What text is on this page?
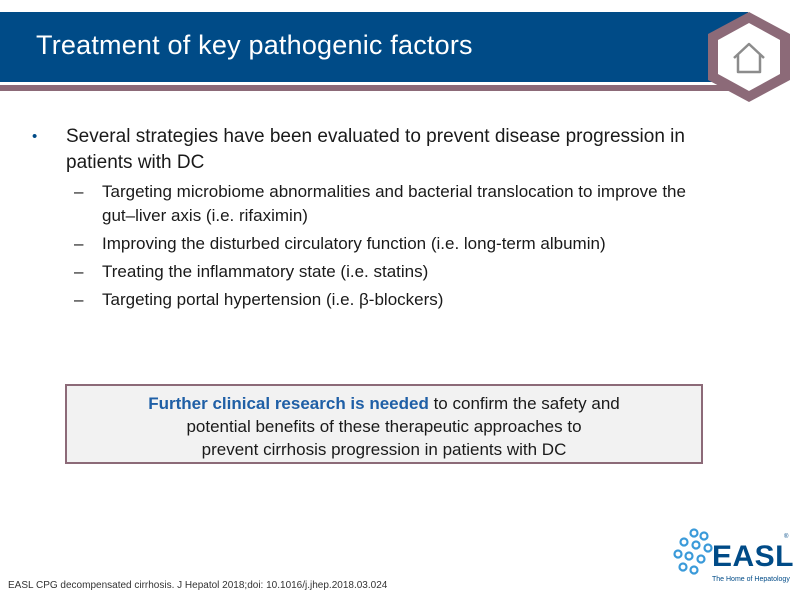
Treatment of key pathogenic factors
• Several strategies have been evaluated to prevent disease progression in patients with DC
– Targeting microbiome abnormalities and bacterial translocation to improve the gut–liver axis (i.e. rifaximin)
– Improving the disturbed circulatory function (i.e. long-term albumin)
– Treating the inflammatory state (i.e. statins)
– Targeting portal hypertension (i.e. β-blockers)
Further clinical research is needed to confirm the safety and
potential benefits of these therapeutic approaches to
prevent cirrhosis progression in patients with DC
EASL CPG decompensated cirrhosis. J Hepatol 2018;doi: 10.1016/j.jhep.2018.03.024
EASL
The Home of Hepatology
®
